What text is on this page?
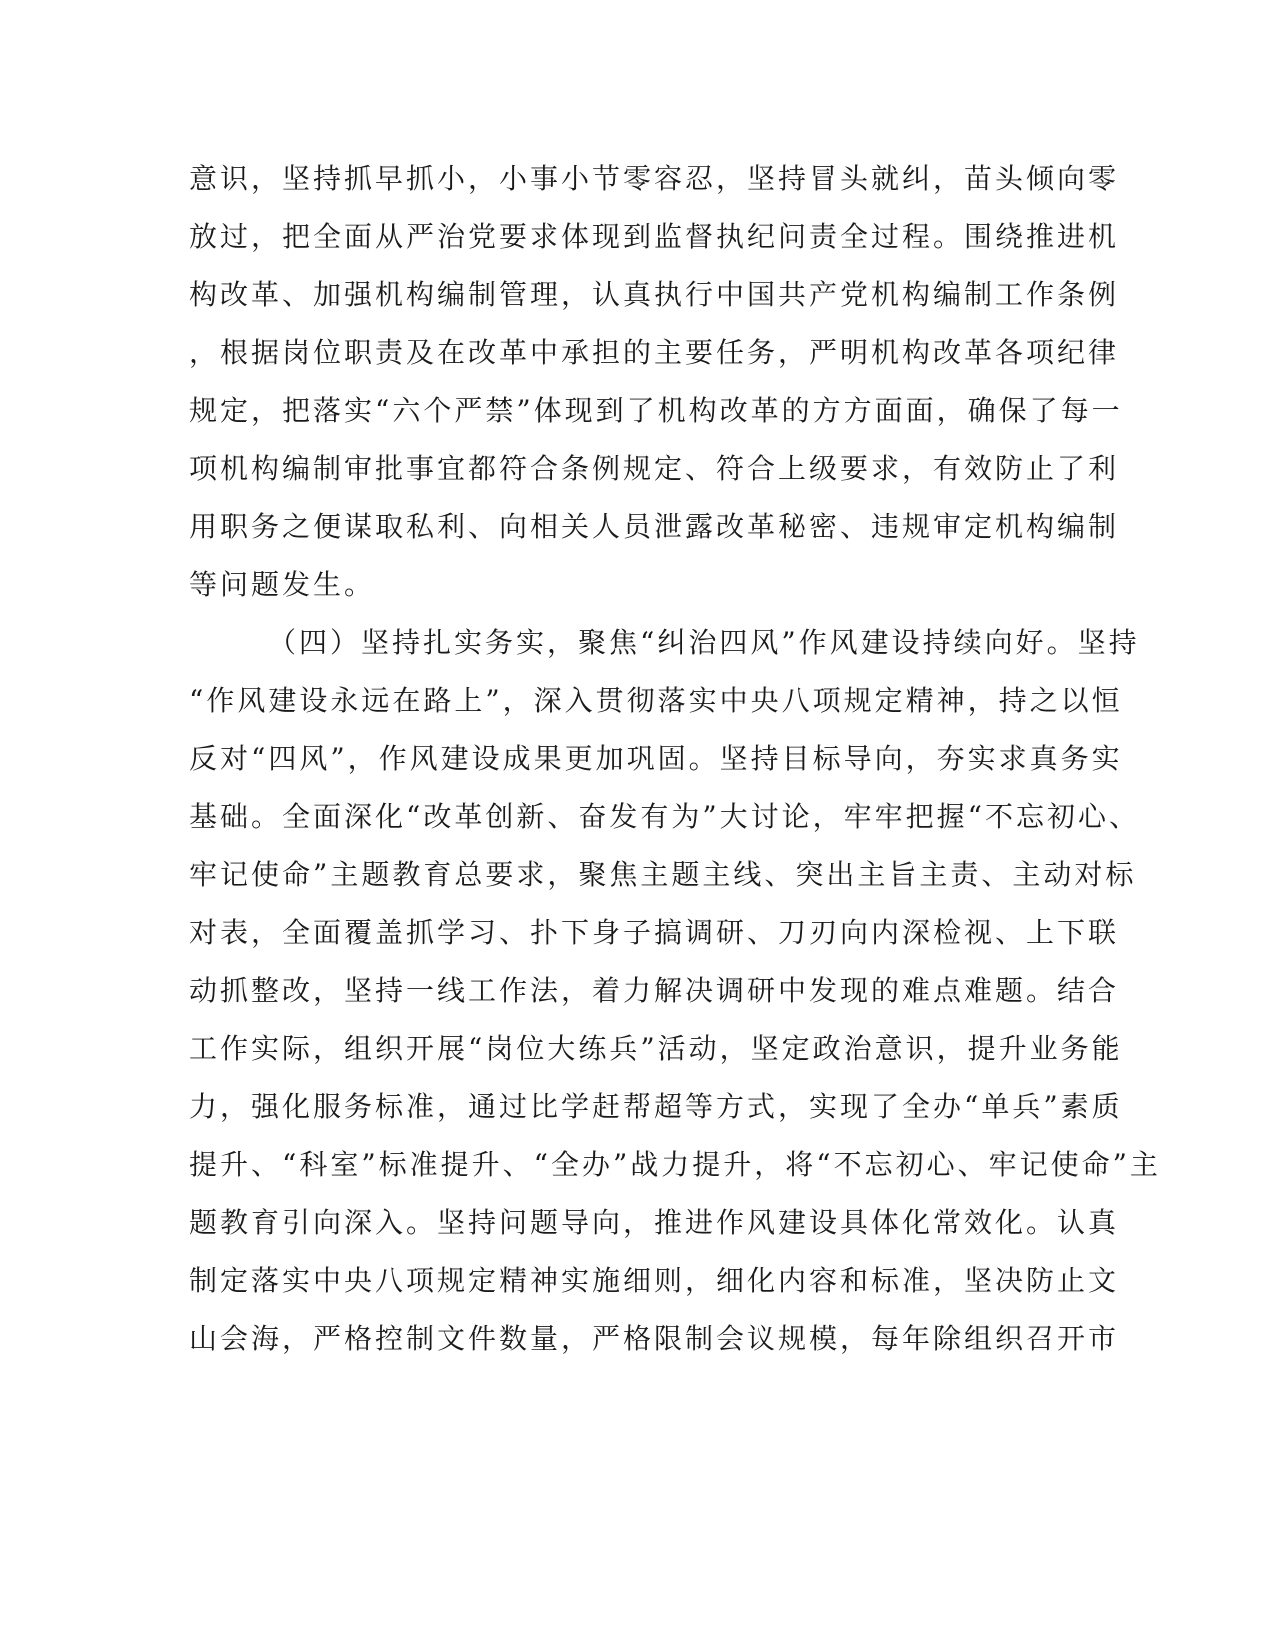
意识，坚持抓早抓小，小事小节零容忍，坚持冒头就纠，苗头倾向零
放过，把全面从严治党要求体现到监督执纪问责全过程。围绕推进机
构改革、加强机构编制管理，认真执行中国共产党机构编制工作条例
，根据岗位职责及在改革中承担的主要任务，严明机构改革各项纪律
规定，把落实“六个严禁”体现到了机构改革的方方面面，确保了每一
项机构编制审批事宜都符合条例规定、符合上级要求，有效防止了利
用职务之便谋取私利、向相关人员泄露改革秘密、违规审定机构编制
等问题发生。
（四）坚持扎实务实，聚焦“纠治四风”作风建设持续向好。坚持
“作风建设永远在路上”，深入贯彻落实中央八项规定精神，持之以恒
反对“四风”，作风建设成果更加巩固。坚持目标导向，夯实求真务实
基础。全面深化“改革创新、奋发有为”大讨论，牢牢把握“不忘初心、
牢记使命”主题教育总要求，聚焦主题主线、突出主旨主责、主动对标
对表，全面覆盖抓学习、扑下身子搞调研、刀刃向内深检视、上下联
动抓整改，坚持一线工作法，着力解决调研中发现的难点难题。结合
工作实际，组织开展“岗位大练兵”活动，坚定政治意识，提升业务能
力，强化服务标准，通过比学赶帮超等方式，实现了全办“单兵”素质
提升、“科室”标准提升、“全办”战力提升，将“不忘初心、牢记使命”主
题教育引向深入。坚持问题导向，推进作风建设具体化常效化。认真
制定落实中央八项规定精神实施细则，细化内容和标准，坚决防止文
山会海，严格控制文件数量，严格限制会议规模，每年除组织召开市
